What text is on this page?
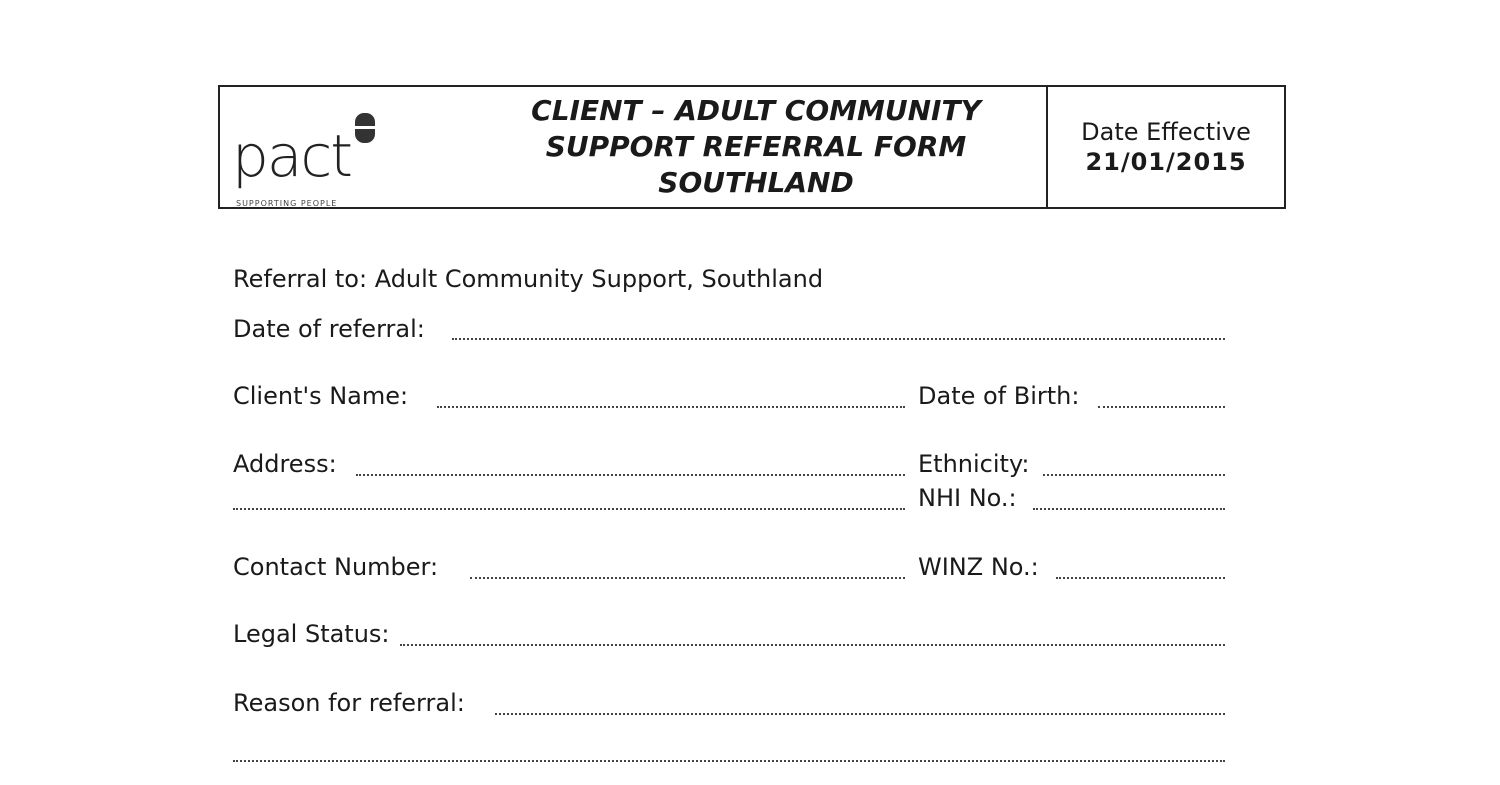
pact
SUPPORTING PEOPLE
CLIENT – ADULT COMMUNITY
SUPPORT REFERRAL FORM
SOUTHLAND
Date Effective
21/01/2015
Referral to: Adult Community Support, Southland
Date of referral:
Client's Name:	Date of Birth:
Address:	Ethnicity:
NHI No.:
Contact Number:	WINZ No.:
Legal Status:
Reason for referral:
